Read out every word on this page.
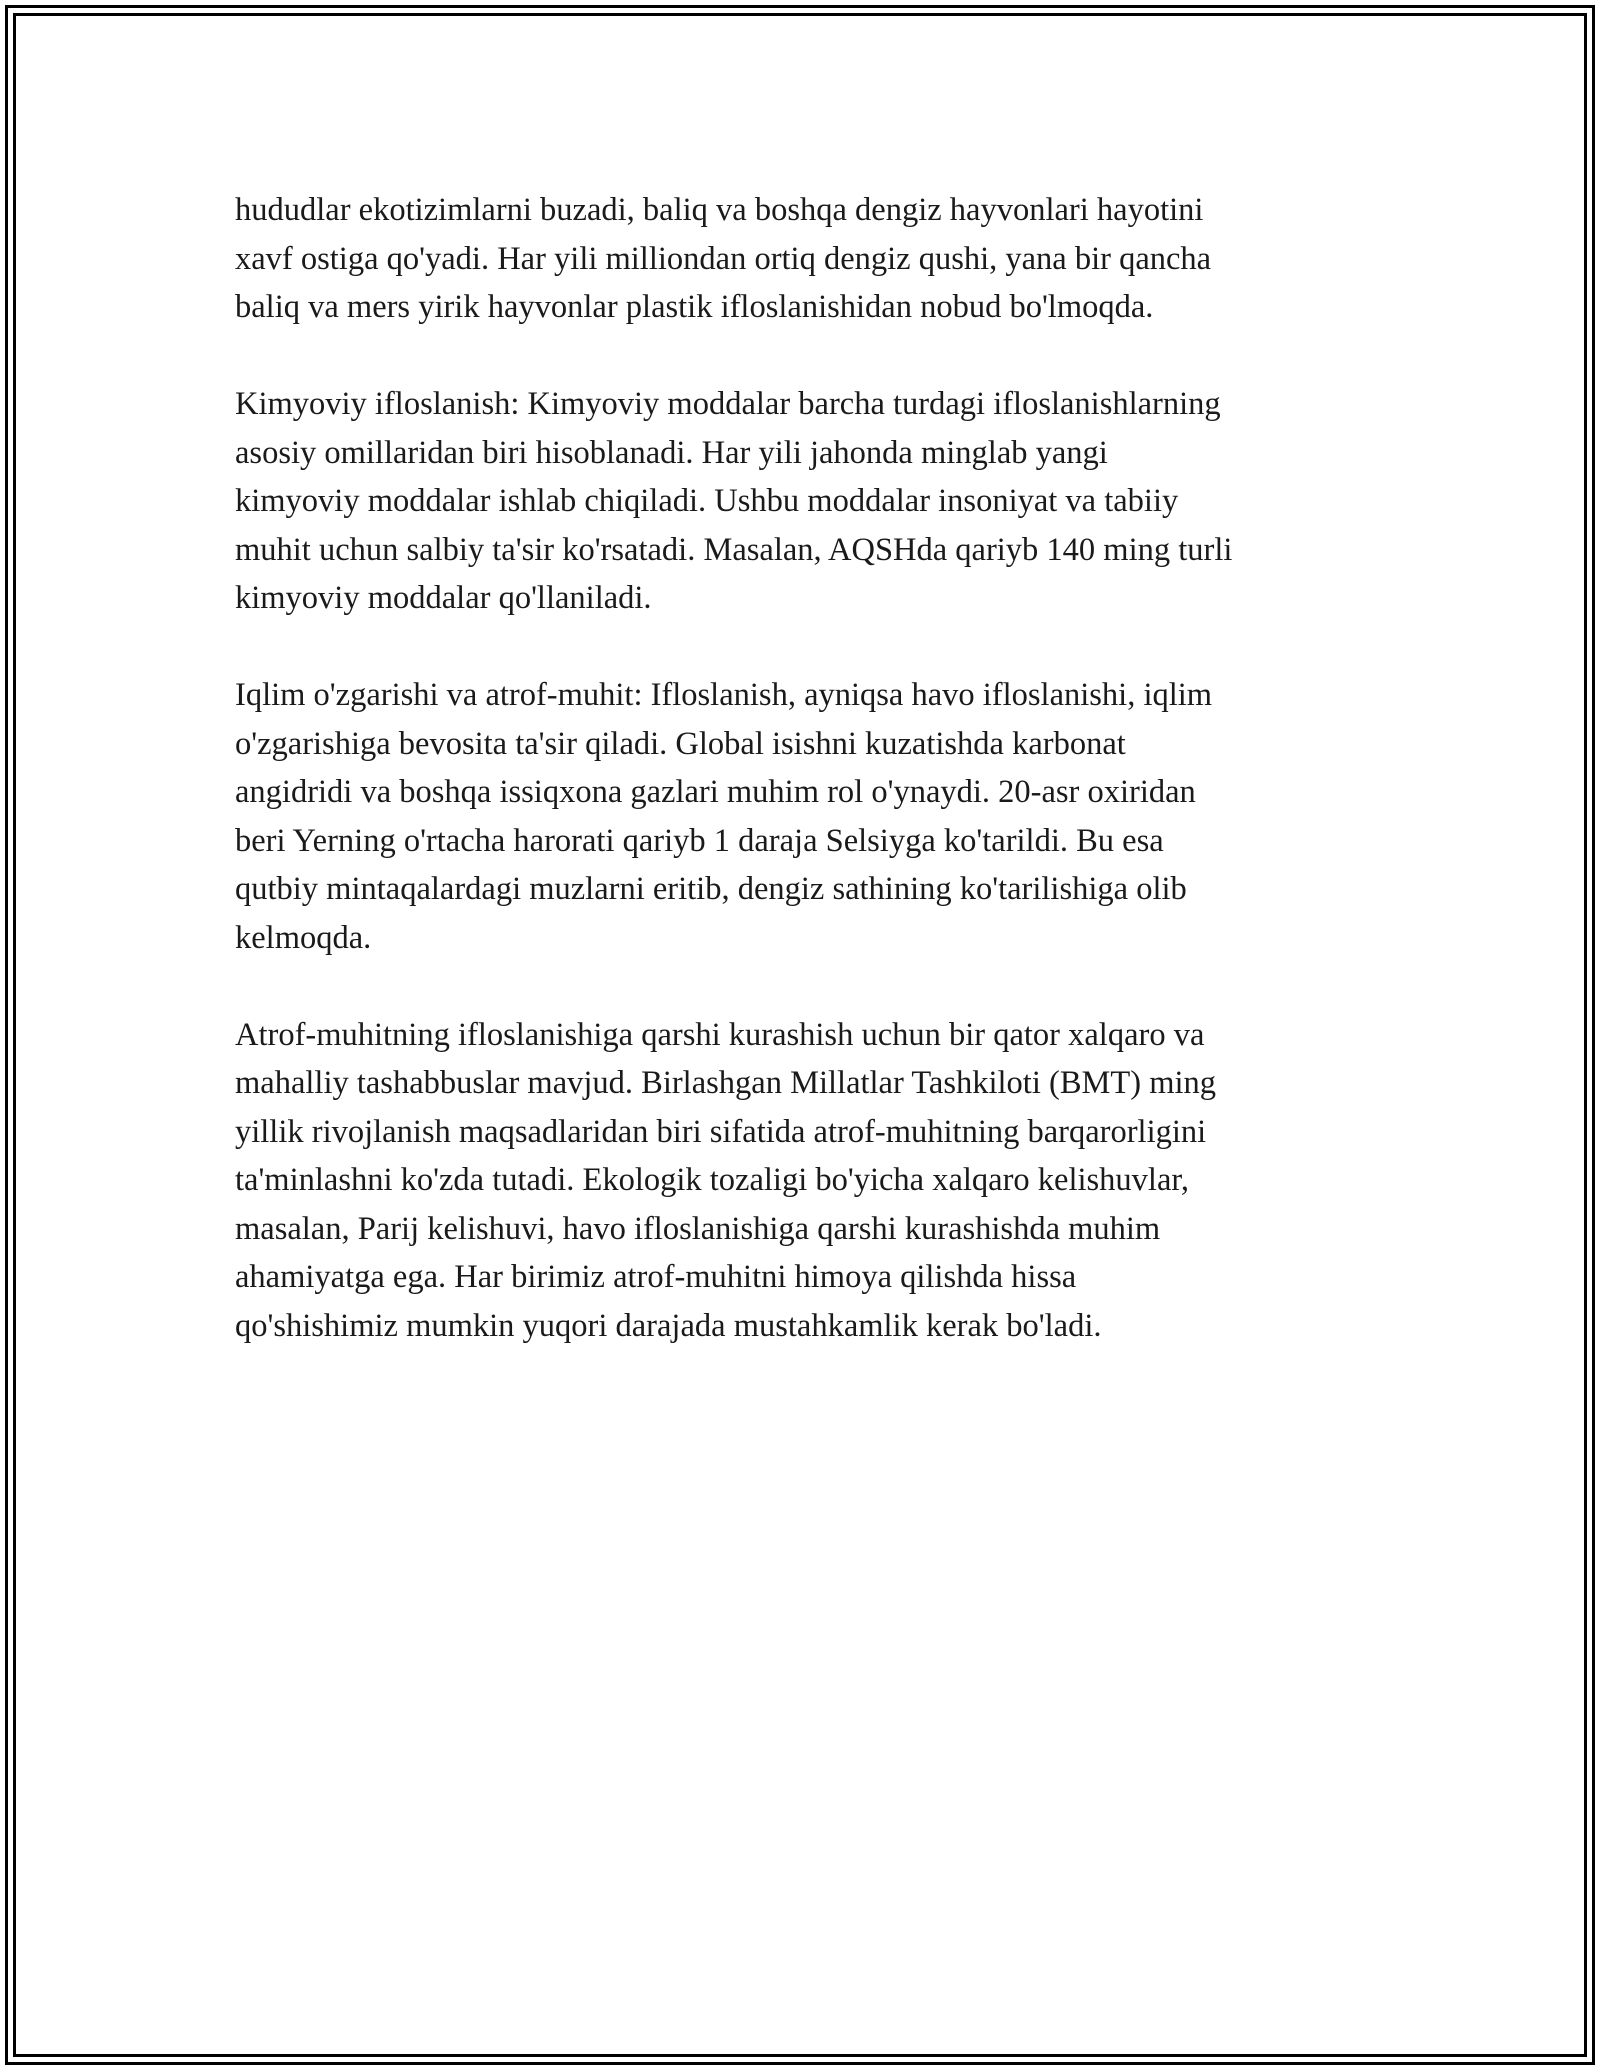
hududlar ekotizimlarni buzadi, baliq va boshqa dengiz hayvonlari hayotini
xavf ostiga qo'yadi. Har yili milliondan ortiq dengiz qushi, yana bir qancha
baliq va mers yirik hayvonlar plastik ifloslanishidan nobud bo'lmoqda.

Kimyoviy ifloslanish: Kimyoviy moddalar barcha turdagi ifloslanishlarning
asosiy omillaridan biri hisoblanadi. Har yili jahonda minglab yangi
kimyoviy moddalar ishlab chiqiladi. Ushbu moddalar insoniyat va tabiiy
muhit uchun salbiy ta'sir ko'rsatadi. Masalan, AQSHda qariyb 140 ming turli
kimyoviy moddalar qo'llaniladi.

Iqlim o'zgarishi va atrof-muhit: Ifloslanish, ayniqsa havo ifloslanishi, iqlim
o'zgarishiga bevosita ta'sir qiladi. Global isishni kuzatishda karbonat
angidridi va boshqa issiqxona gazlari muhim rol o'ynaydi. 20-asr oxiridan
beri Yerning o'rtacha harorati qariyb 1 daraja Selsiyga ko'tarildi. Bu esa
qutbiy mintaqalardagi muzlarni eritib, dengiz sathining ko'tarilishiga olib
kelmoqda.

Atrof-muhitning ifloslanishiga qarshi kurashish uchun bir qator xalqaro va
mahalliy tashabbuslar mavjud. Birlashgan Millatlar Tashkiloti (BMT) ming
yillik rivojlanish maqsadlaridan biri sifatida atrof-muhitning barqarorligini
ta'minlashni ko'zda tutadi. Ekologik tozaligi bo'yicha xalqaro kelishuvlar,
masalan, Parij kelishuvi, havo ifloslanishiga qarshi kurashishda muhim
ahamiyatga ega. Har birimiz atrof-muhitni himoya qilishda hissa
qo'shishimiz mumkin yuqori darajada mustahkamlik kerak bo'ladi.
